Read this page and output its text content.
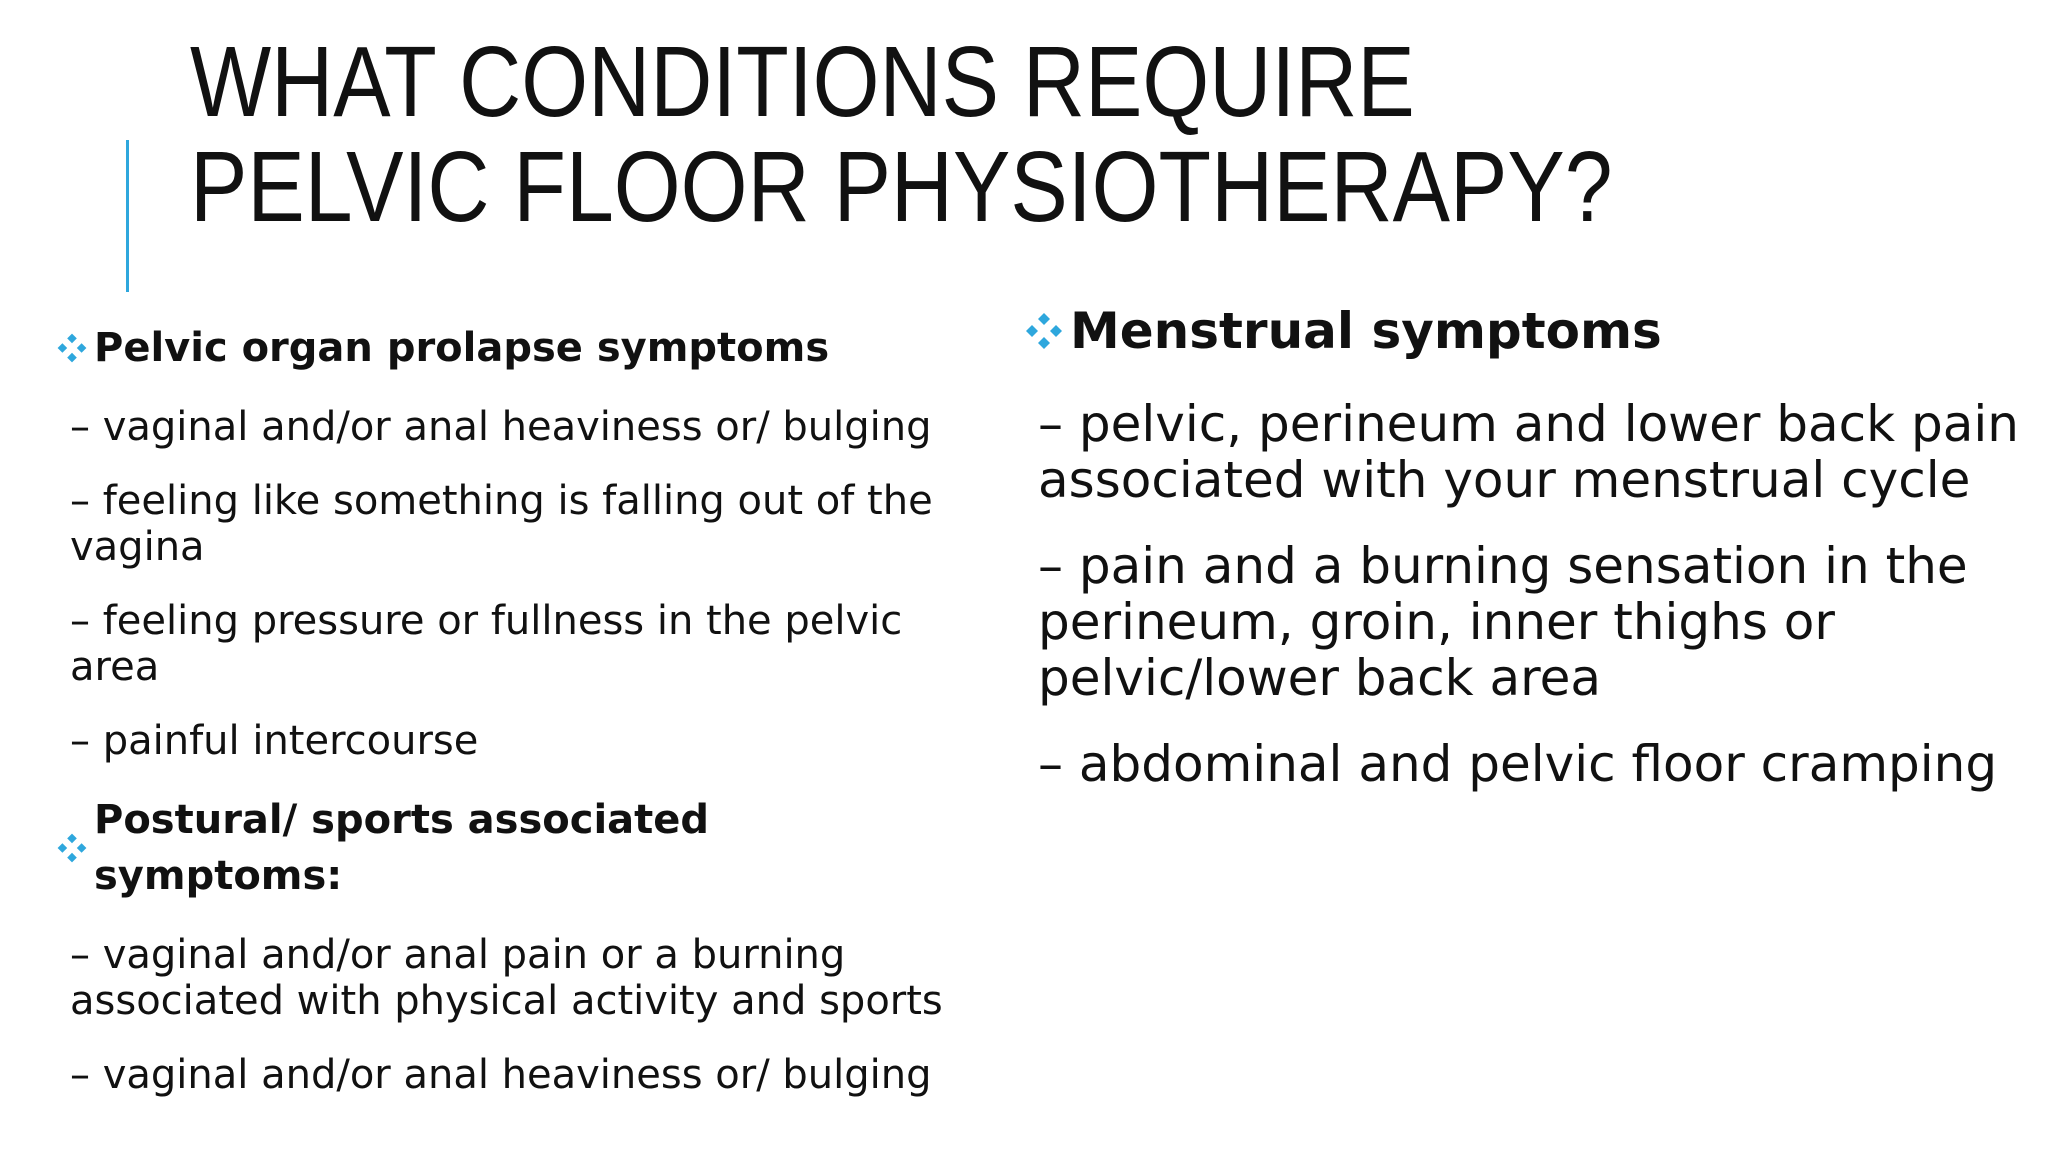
WHAT CONDITIONS REQUIRE
PELVIC FLOOR PHYSIOTHERAPY?

Pelvic organ prolapse symptoms

– vaginal and/or anal heaviness or/ bulging

– feeling like something is falling out of the vagina

– feeling pressure or fullness in the pelvic area

– painful intercourse

Postural/ sports associated symptoms:

– vaginal and/or anal pain or a burning associated with physical activity and sports

– vaginal and/or anal heaviness or/ bulging

Menstrual symptoms

– pelvic, perineum and lower back pain associated with your menstrual cycle

– pain and a burning sensation in the perineum, groin, inner thighs or pelvic/lower back area

– abdominal and pelvic floor cramping
